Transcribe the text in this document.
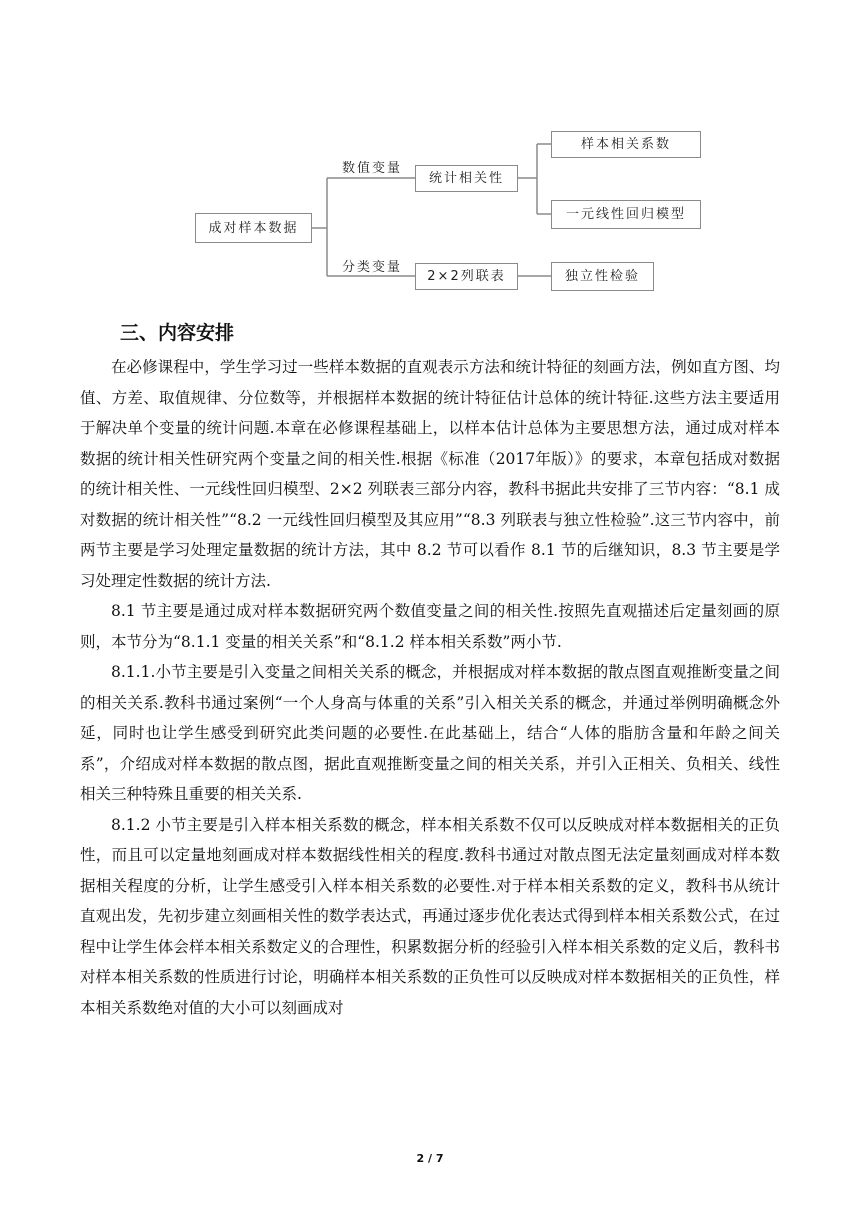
成对样本数据
数值变量
分类变量
统计相关性
2×2列联表
样本相关系数
一元线性回归模型
独立性检验
三、内容安排

在必修课程中，学生学习过一些样本数据的直观表示方法和统计特征的刻画方法，例如直方图、均值、方差、取值规律、分位数等，并根据样本数据的统计特征估计总体的统计特征.这些方法主要适用于解决单个变量的统计问题.本章在必修课程基础上，以样本估计总体为主要思想方法，通过成对样本数据的统计相关性研究两个变量之间的相关性.根据《标准（2017年版）》的要求，本章包括成对数据的统计相关性、一元线性回归模型、2×2 列联表三部分内容，教科书据此共安排了三节内容：“8.1 成对数据的统计相关性”“8.2 一元线性回归模型及其应用”“8.3 列联表与独立性检验”.这三节内容中，前两节主要是学习处理定量数据的统计方法，其中 8.2 节可以看作 8.1 节的后继知识，8.3 节主要是学习处理定性数据的统计方法.

8.1 节主要是通过成对样本数据研究两个数值变量之间的相关性.按照先直观描述后定量刻画的原则，本节分为“8.1.1 变量的相关关系”和“8.1.2 样本相关系数”两小节.

8.1.1.小节主要是引入变量之间相关关系的概念，并根据成对样本数据的散点图直观推断变量之间的相关关系.教科书通过案例“一个人身高与体重的关系”引入相关关系的概念，并通过举例明确概念外延，同时也让学生感受到研究此类问题的必要性.在此基础上，结合“人体的脂肪含量和年龄之间关系”，介绍成对样本数据的散点图，据此直观推断变量之间的相关关系，并引入正相关、负相关、线性相关三种特殊且重要的相关关系.

8.1.2 小节主要是引入样本相关系数的概念，样本相关系数不仅可以反映成对样本数据相关的正负性，而且可以定量地刻画成对样本数据线性相关的程度.教科书通过对散点图无法定量刻画成对样本数据相关程度的分析，让学生感受引入样本相关系数的必要性.对于样本相关系数的定义，教科书从统计直观出发，先初步建立刻画相关性的数学表达式，再通过逐步优化表达式得到样本相关系数公式，在过程中让学生体会样本相关系数定义的合理性，积累数据分析的经验引入样本相关系数的定义后，教科书对样本相关系数的性质进行讨论，明确样本相关系数的正负性可以反映成对样本数据相关的正负性，样本相关系数绝对值的大小可以刻画成对

2 / 7
